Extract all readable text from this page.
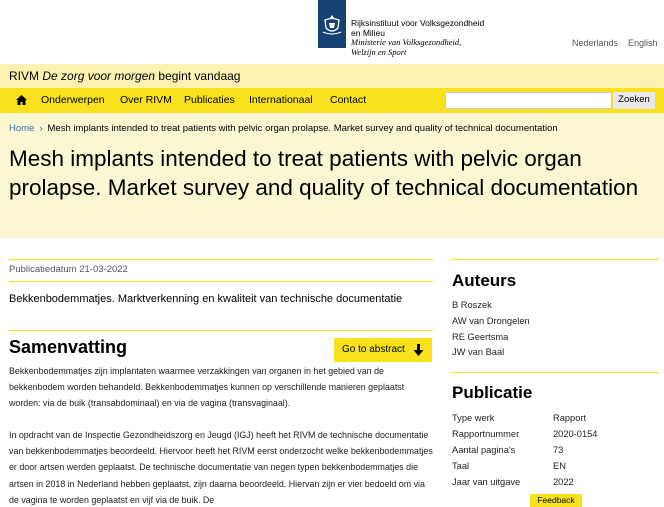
Rijksinstituut voor Volksgezondheid
en Milieu
Ministerie van Volksgezondheid,
Welzijn en Sport
Nederlands English
RIVM De zorg voor morgen begint vandaag
Onderwerpen Over RIVM Publicaties Internationaal Contact	Zoeken
Home › Mesh implants intended to treat patients with pelvic organ prolapse. Market survey and quality of technical documentation
Mesh implants intended to treat patients with pelvic organ prolapse. Market survey and quality of technical documentation
Publicatiedatum 21-03-2022
Bekkenbodemmatjes. Marktverkenning en kwaliteit van technische documentatie
Samenvatting	Go to abstract

Bekkenbodemmatjes zijn implantaten waarmee verzakkingen van organen in het gebied van de bekkenbodem worden behandeld. Bekkenbodemmatjes kunnen op verschillende manieren geplaatst worden: via de buik (transabdominaal) en via de vagina (transvaginaal).

In opdracht van de Inspectie Gezondheidszorg en Jeugd (IGJ) heeft het RIVM de technische documentatie van bekkenbodemmatjes beoordeeld. Hiervoor heeft het RIVM eerst onderzocht welke bekkenbodemmatjes er door artsen werden geplaatst. De technische documentatie van negen typen bekkenbodemmatjes die artsen in 2018 in Nederland hebben geplaatst, zijn daarna beoordeeld. Hiervan zijn er vier bedoeld om via de vagina te worden geplaatst en vijf via de buik. De

Auteurs
B Roszek
AW van Drongelen
RE Geertsma
JW van Baal
Publicatie
Type werk	Rapport
Rapportnummer	2020-0154
Aantal pagina's	73
Taal	EN
Jaar van uitgave	2022
Feedback
